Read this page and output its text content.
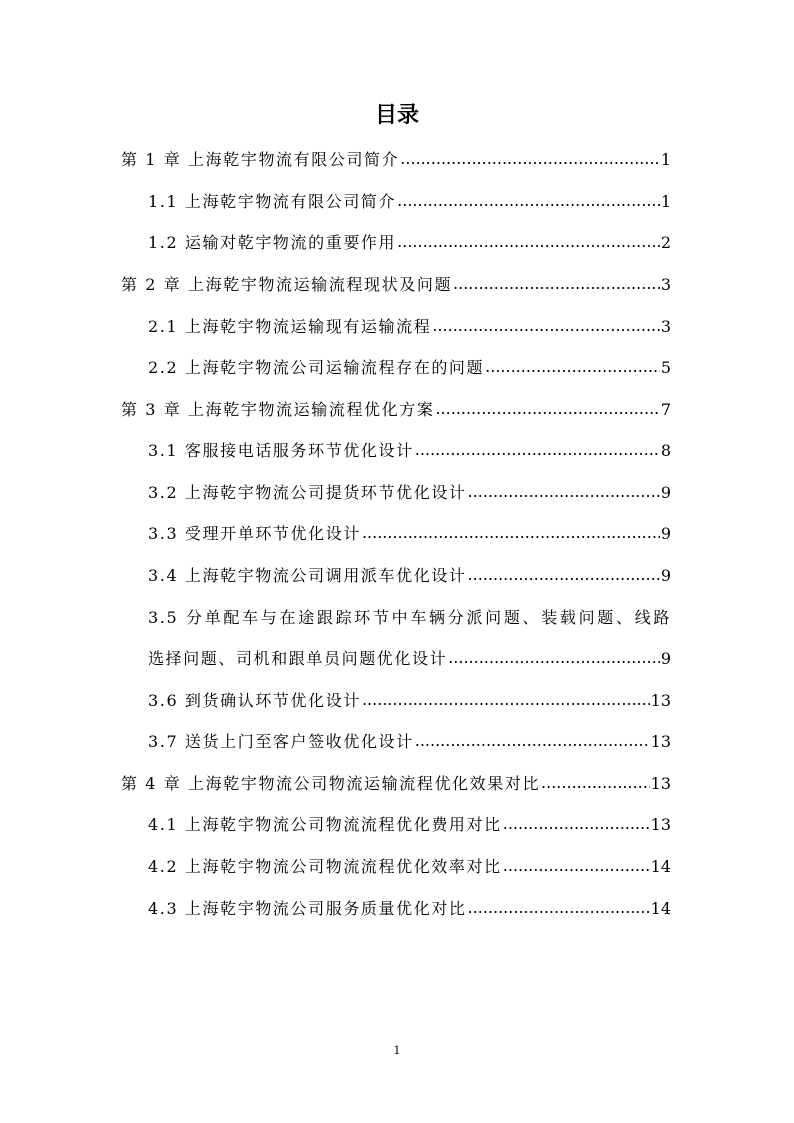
目录
第 1 章 上海乾宇物流有限公司简介 .....	1
1.1 上海乾宇物流有限公司简介 .....	1
1.2 运输对乾宇物流的重要作用 .....	2
第 2 章 上海乾宇物流运输流程现状及问题 .....	3
2.1 上海乾宇物流运输现有运输流程 .....	3
2.2 上海乾宇物流公司运输流程存在的问题 .....	5
第 3 章 上海乾宇物流运输流程优化方案 .....	7
3.1 客服接电话服务环节优化设计 .....	8
3.2 上海乾宇物流公司提货环节优化设计 .....	9
3.3 受理开单环节优化设计 .....	9
3.4 上海乾宇物流公司调用派车优化设计 .....	9
3.5 分单配车与在途跟踪环节中车辆分派问题、装载问题、线路
选择问题、司机和跟单员问题优化设计 .....	9
3.6 到货确认环节优化设计 .....	13
3.7 送货上门至客户签收优化设计 .....	13
第 4 章 上海乾宇物流公司物流运输流程优化效果对比 .....	13
4.1 上海乾宇物流公司物流流程优化费用对比 .....	13
4.2 上海乾宇物流公司物流流程优化效率对比 .....	14
4.3 上海乾宇物流公司服务质量优化对比 .....	14
1
